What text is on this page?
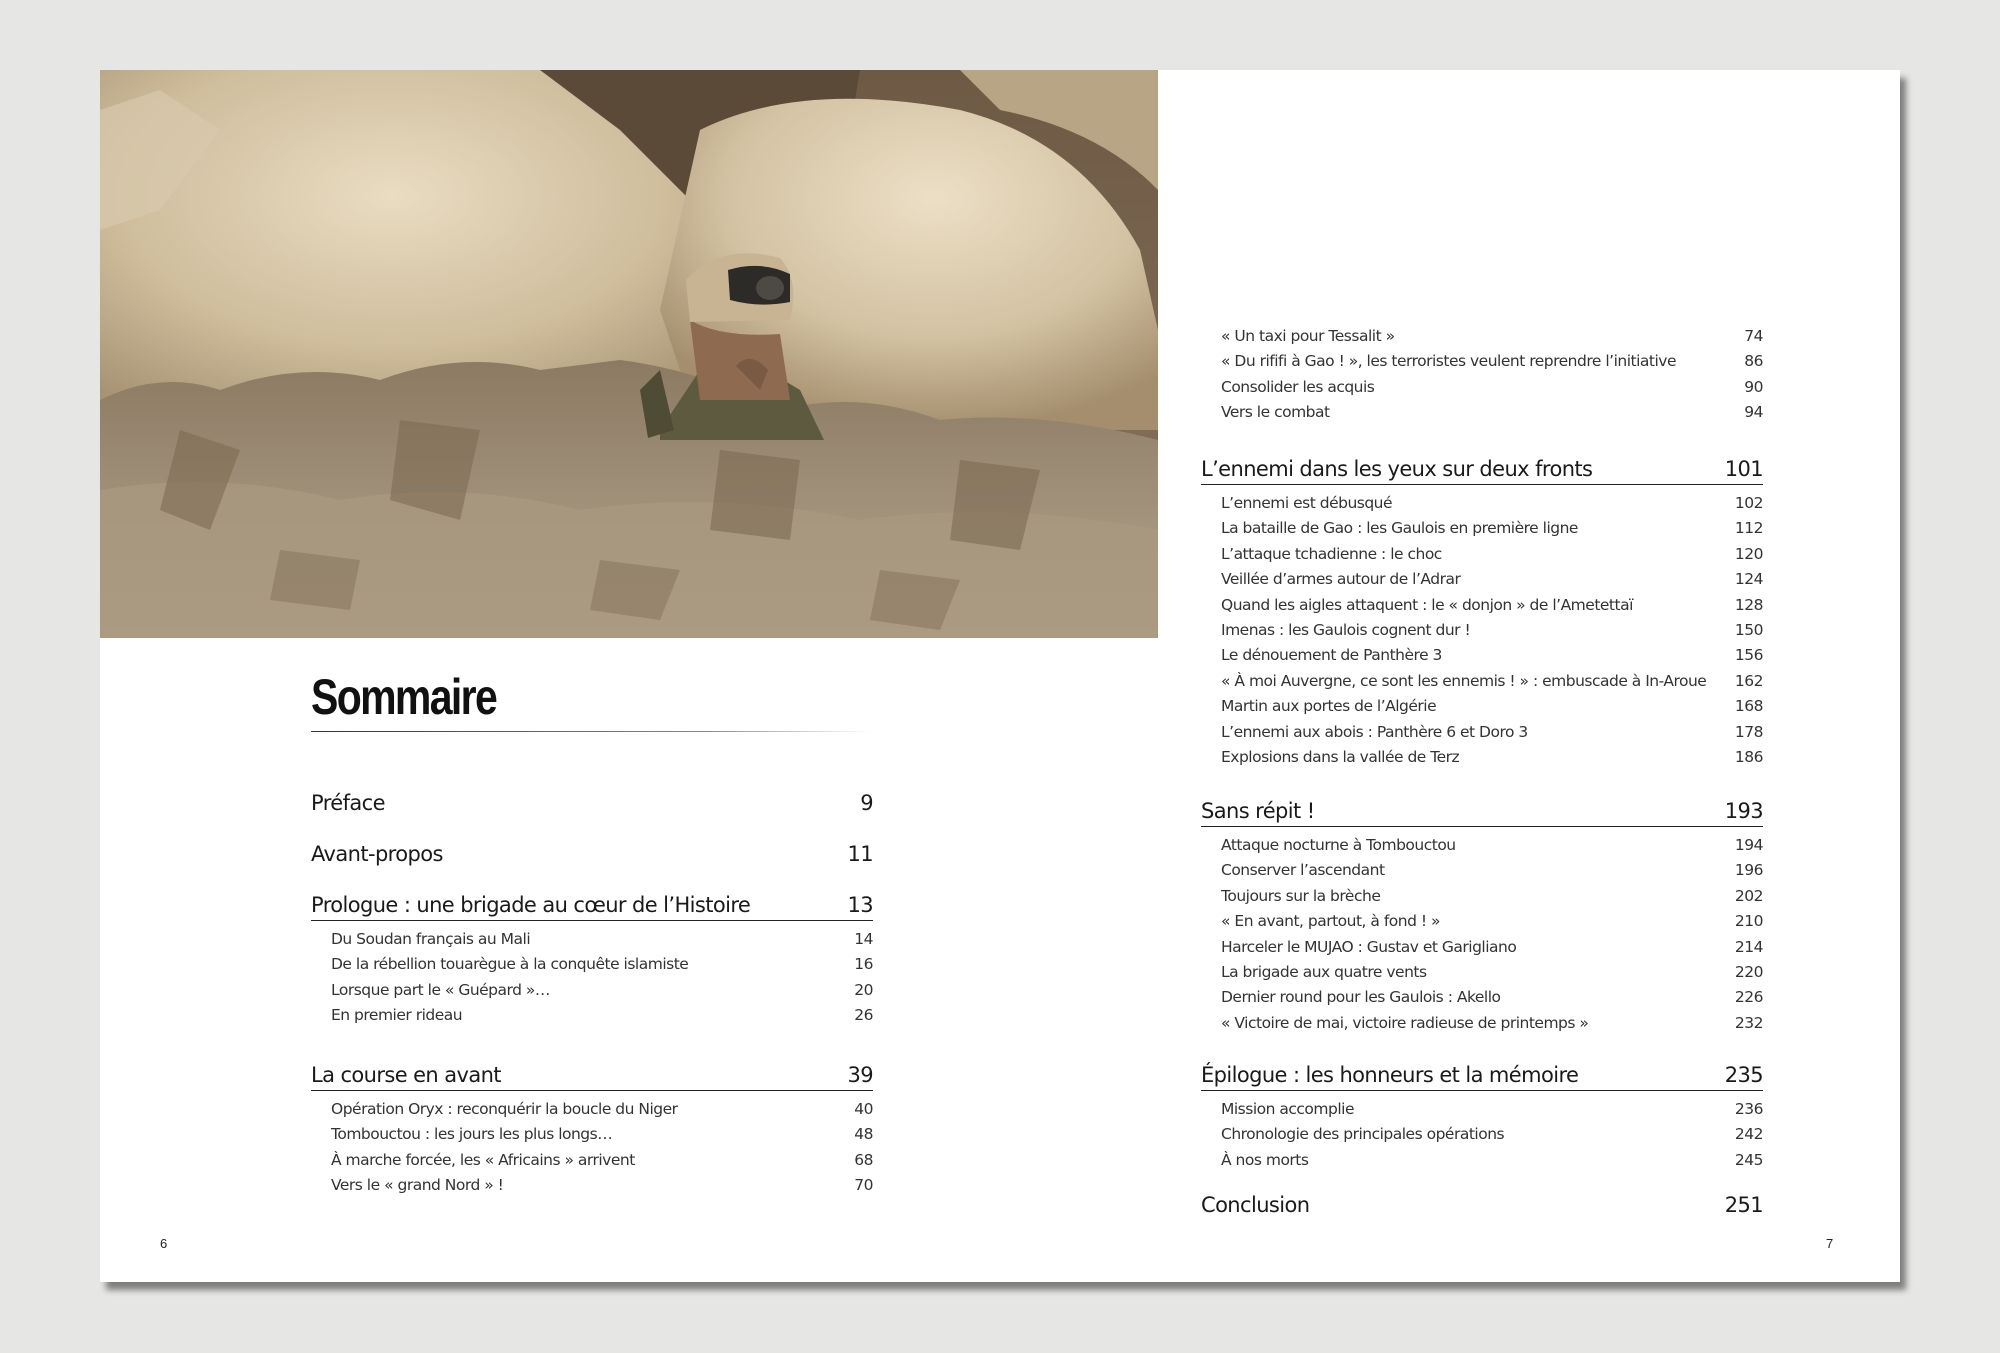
Sommaire
Préface	9
Avant-propos	11
Prologue : une brigade au cœur de l’Histoire	13
Du Soudan français au Mali	14
De la rébellion touarègue à la conquête islamiste	16
Lorsque part le « Guépard »…	20
En premier rideau	26
La course en avant	39
Opération Oryx : reconquérir la boucle du Niger	40
Tombouctou : les jours les plus longs…	48
À marche forcée, les « Africains » arrivent	68
Vers le « grand Nord » !	70
« Un taxi pour Tessalit »	74
« Du rififi à Gao ! », les terroristes veulent reprendre l’initiative	86
Consolider les acquis	90
Vers le combat	94
L’ennemi dans les yeux sur deux fronts	101
L’ennemi est débusqué	102
La bataille de Gao : les Gaulois en première ligne	112
L’attaque tchadienne : le choc	120
Veillée d’armes autour de l’Adrar	124
Quand les aigles attaquent : le « donjon » de l’Ametettaï	128
Imenas : les Gaulois cognent dur !	150
Le dénouement de Panthère 3	156
« À moi Auvergne, ce sont les ennemis ! » : embuscade à In-Aroue 162
Martin aux portes de l’Algérie	168
L’ennemi aux abois : Panthère 6 et Doro 3	178
Explosions dans la vallée de Terz	186
Sans répit !	193
Attaque nocturne à Tombouctou	194
Conserver l’ascendant	196
Toujours sur la brèche	202
« En avant, partout, à fond ! »	210
Harceler le MUJAO : Gustav et Garigliano	214
La brigade aux quatre vents	220
Dernier round pour les Gaulois : Akello	226
« Victoire de mai, victoire radieuse de printemps »	232
Épilogue : les honneurs et la mémoire	235
Mission accomplie	236
Chronologie des principales opérations	242
À nos morts	245
Conclusion	251
6	7
